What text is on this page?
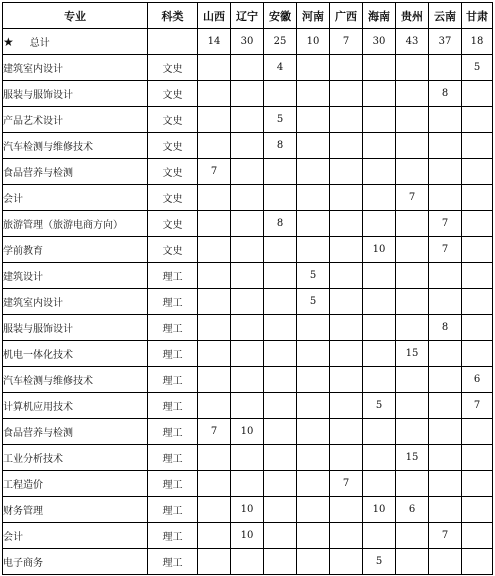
专业	科类	山西	辽宁	安徽	河南	广西	海南	贵州	云南	甘肃
★ 总计		14	30	25	10	7	30	43	37	18
建筑室内设计	文史			4						5
服装与服饰设计	文史								8	
产品艺术设计	文史			5						
汽车检测与维修技术	文史			8						
食品营养与检测	文史	7								
会计	文史							7		
旅游管理（旅游电商方向）	文史			8					7	
学前教育	文史						10		7	
建筑设计	理工				5					
建筑室内设计	理工				5					
服装与服饰设计	理工								8	
机电一体化技术	理工							15		
汽车检测与维修技术	理工									6
计算机应用技术	理工						5			7
食品营养与检测	理工	7	10							
工业分析技术	理工							15		
工程造价	理工					7				
财务管理	理工		10				10	6		
会计	理工		10						7	
电子商务	理工						5			
